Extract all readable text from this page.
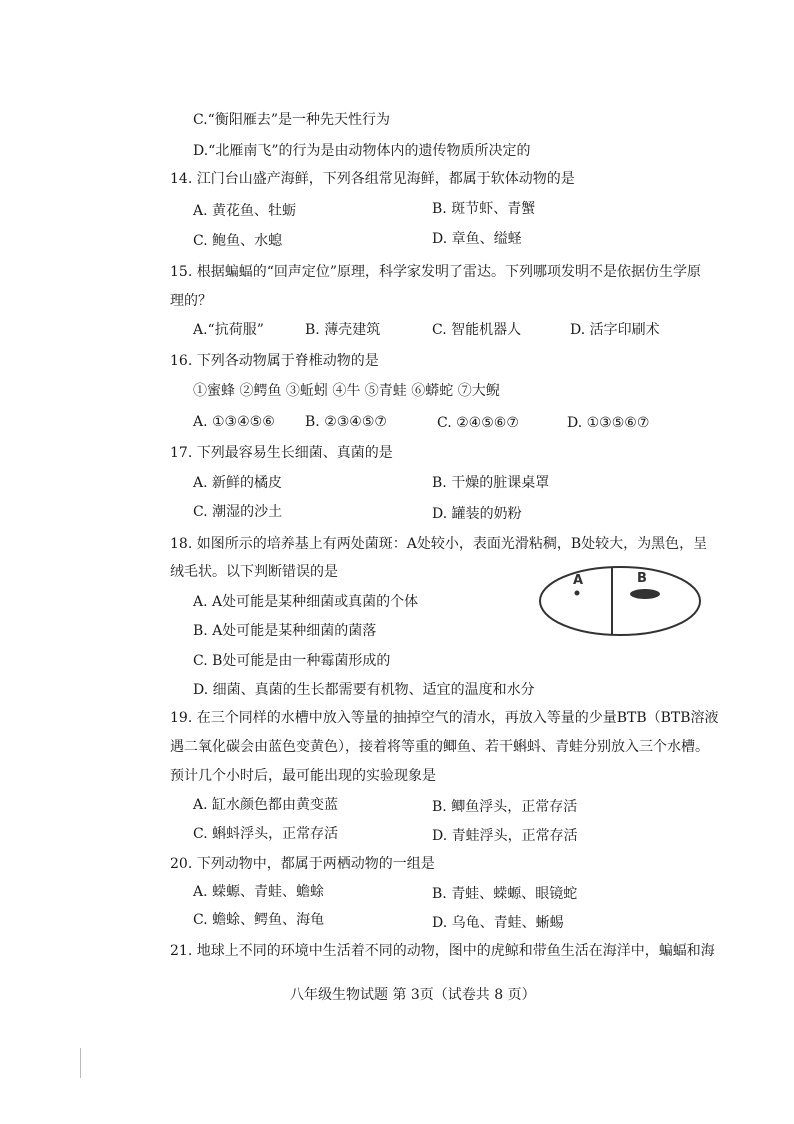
C.“衡阳雁去”是一种先天性行为
D.“北雁南飞”的行为是由动物体内的遗传物质所决定的
14. 江门台山盛产海鲜，下列各组常见海鲜，都属于软体动物的是
A. 黄花鱼、牡蛎	B. 斑节虾、青蟹
C. 鲍鱼、水螅	D. 章鱼、缢蛏
15. 根据蝙蝠的“回声定位”原理，科学家发明了雷达。下列哪项发明不是依据仿生学原
理的？
A.“抗荷服”	B. 薄壳建筑	C. 智能机器人	D. 活字印刷术
16. 下列各动物属于脊椎动物的是
①蜜蜂 ②鳄鱼 ③蚯蚓 ④牛 ⑤青蛙 ⑥蟒蛇 ⑦大鲵
A. ①③④⑤⑥ B. ②③④⑤⑦	C. ②④⑤⑥⑦	D. ①③⑤⑥⑦
17. 下列最容易生长细菌、真菌的是
A. 新鲜的橘皮	B. 干燥的脏课桌罩
C. 潮湿的沙土	D. 罐装的奶粉
18. 如图所示的培养基上有两处菌斑：A处较小，表面光滑粘稠，B处较大，为黑色，呈
绒毛状。以下判断错误的是
A. A处可能是某种细菌或真菌的个体
B. A处可能是某种细菌的菌落
C. B处可能是由一种霉菌形成的
D. 细菌、真菌的生长都需要有机物、适宜的温度和水分
A	B
19. 在三个同样的水槽中放入等量的抽掉空气的清水，再放入等量的少量BTB（BTB溶液
遇二氧化碳会由蓝色变黄色），接着将等重的鲫鱼、若干蝌蚪、青蛙分别放入三个水槽。
预计几个小时后，最可能出现的实验现象是
A. 缸水颜色都由黄变蓝	B. 鲫鱼浮头，正常存活
C. 蝌蚪浮头，正常存活	D. 青蛙浮头，正常存活
20. 下列动物中，都属于两栖动物的一组是
A. 蝾螈、青蛙、蟾蜍	B. 青蛙、蝾螈、眼镜蛇
C. 蟾蜍、鳄鱼、海龟	D. 乌龟、青蛙、蜥蜴
21. 地球上不同的环境中生活着不同的动物，图中的虎鲸和带鱼生活在海洋中，蝙蝠和海
八年级生物试题 第 3页（试卷共 8 页）
